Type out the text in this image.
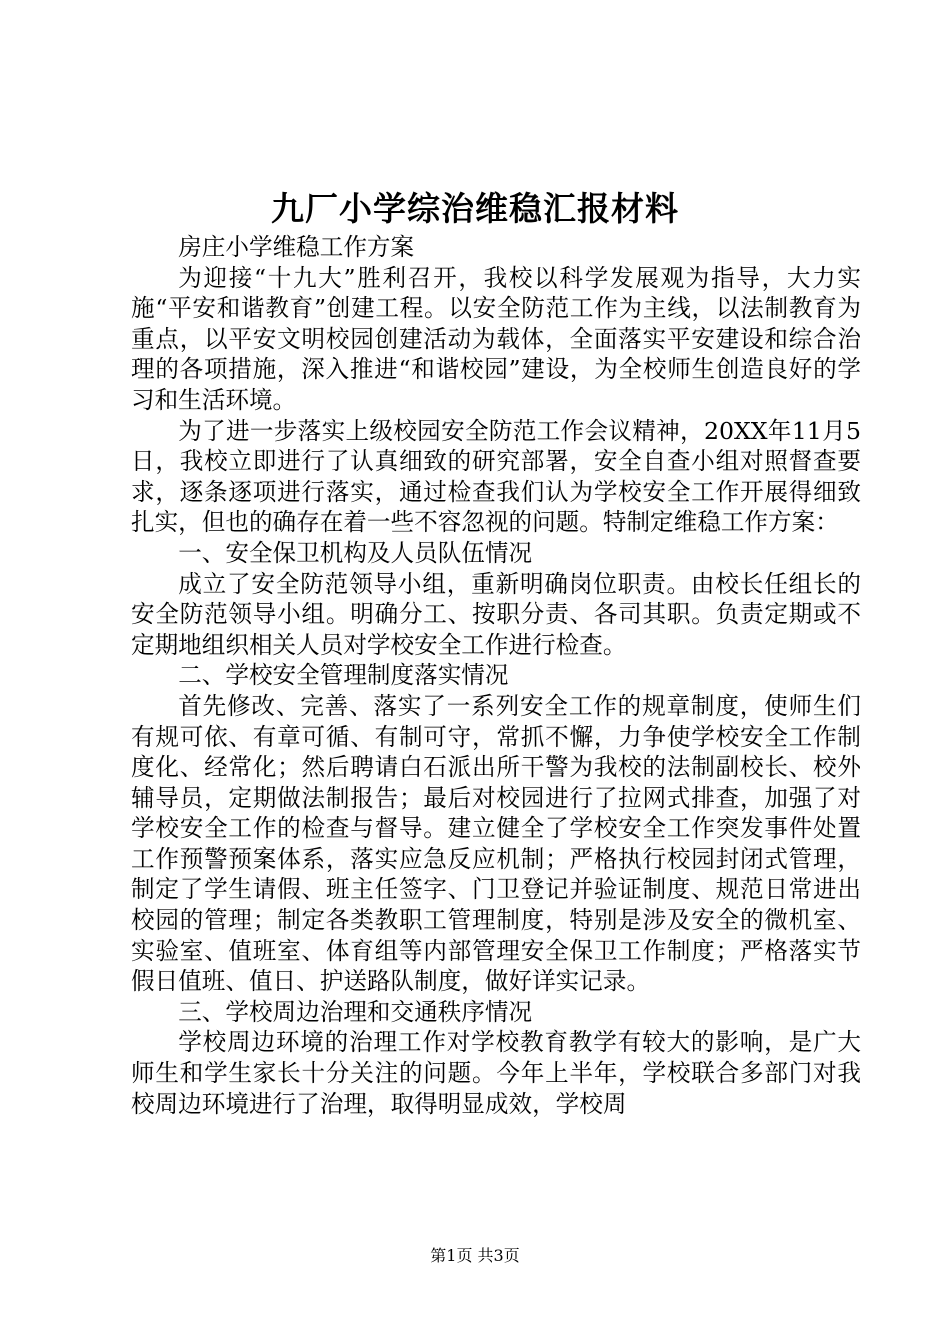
九厂小学综治维稳汇报材料

房庄小学维稳工作方案

为迎接“十九大”胜利召开，我校以科学发展观为指导，大力实施“平安和谐教育”创建工程。以安全防范工作为主线，以法制教育为重点，以平安文明校园创建活动为载体，全面落实平安建设和综合治理的各项措施，深入推进“和谐校园”建设，为全校师生创造良好的学习和生活环境。

为了进一步落实上级校园安全防范工作会议精神，20XX年11月5日，我校立即进行了认真细致的研究部署，安全自查小组对照督查要求，逐条逐项进行落实，通过检查我们认为学校安全工作开展得细致扎实，但也的确存在着一些不容忽视的问题。特制定维稳工作方案：

一、安全保卫机构及人员队伍情况

成立了安全防范领导小组，重新明确岗位职责。由校长任组长的安全防范领导小组。明确分工、按职分责、各司其职。负责定期或不定期地组织相关人员对学校安全工作进行检查。

二、学校安全管理制度落实情况

首先修改、完善、落实了一系列安全工作的规章制度，使师生们有规可依、有章可循、有制可守，常抓不懈，力争使学校安全工作制度化、经常化；然后聘请白石派出所干警为我校的法制副校长、校外辅导员，定期做法制报告；最后对校园进行了拉网式排查，加强了对学校安全工作的检查与督导。建立健全了学校安全工作突发事件处置工作预警预案体系，落实应急反应机制；严格执行校园封闭式管理，制定了学生请假、班主任签字、门卫登记并验证制度、规范日常进出校园的管理；制定各类教职工管理制度，特别是涉及安全的微机室、实验室、值班室、体育组等内部管理安全保卫工作制度；严格落实节假日值班、值日、护送路队制度，做好详实记录。

三、学校周边治理和交通秩序情况

学校周边环境的治理工作对学校教育教学有较大的影响，是广大师生和学生家长十分关注的问题。今年上半年，学校联合多部门对我校周边环境进行了治理，取得明显成效，学校周

第1页 共3页
